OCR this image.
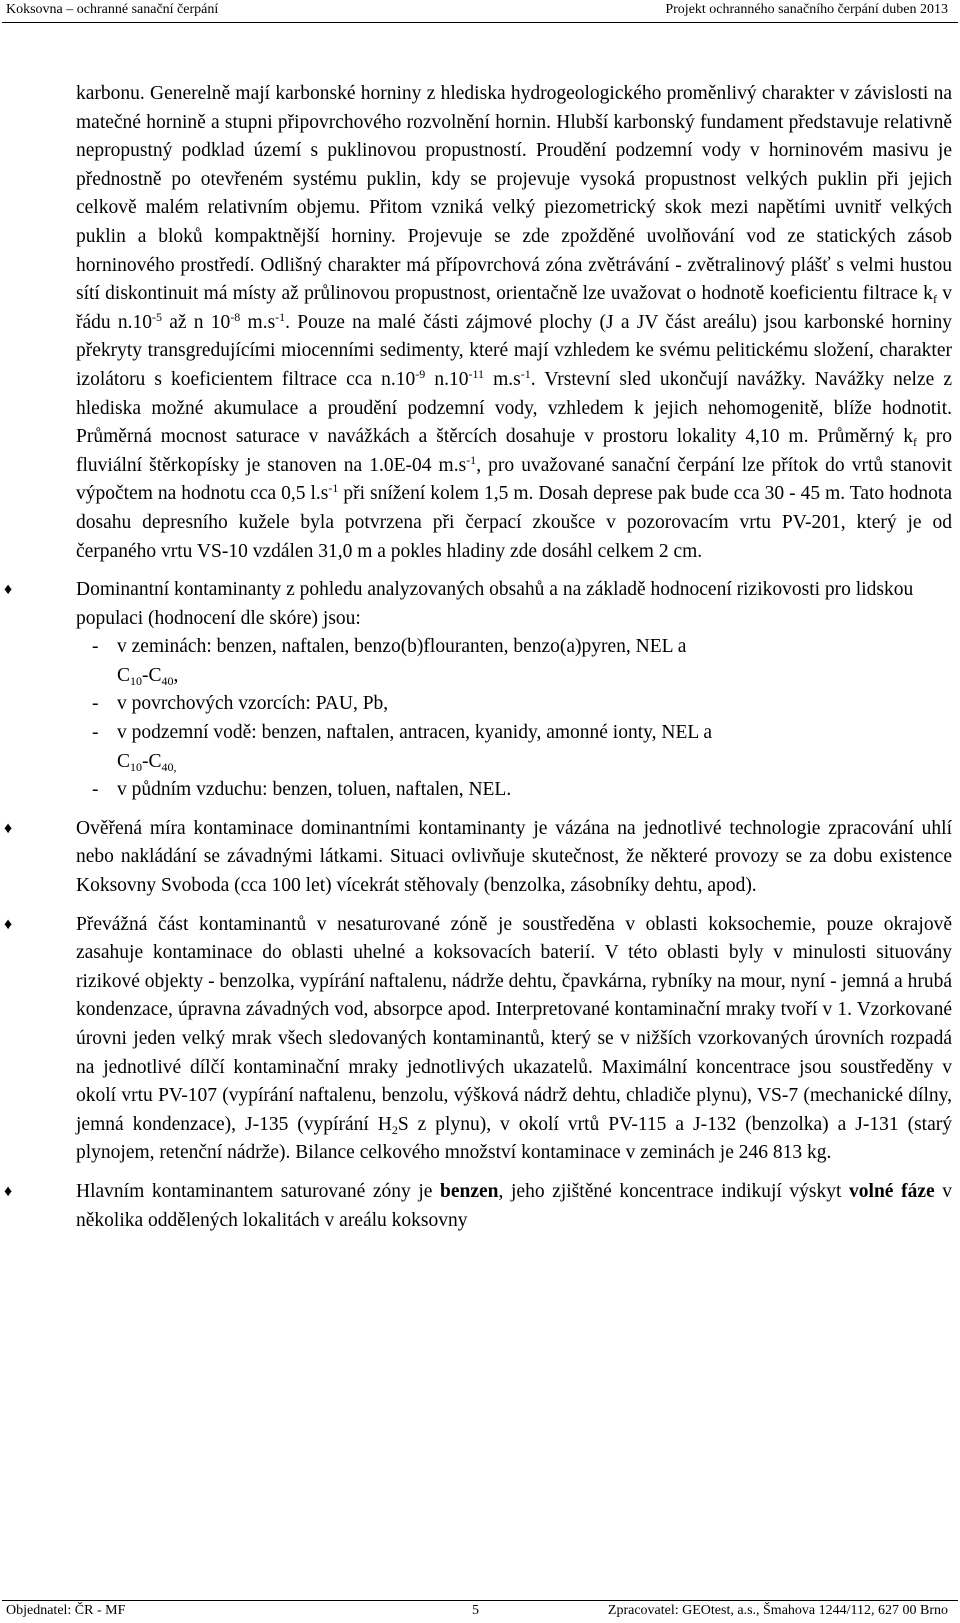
Koksovna – ochranné sanační čerpání	Projekt ochranného sanačního čerpání duben 2013

karbonu. Generelně mají karbonské horniny z hlediska hydrogeologického proměnlivý charakter v závislosti na matečné hornině a stupni připovrchového rozvolnění hornin. Hlubší karbonský fundament představuje relativně nepropustný podklad území s puklinovou propustností. Proudění podzemní vody v horninovém masivu je přednostně po otevřeném systému puklin, kdy se projevuje vysoká propustnost velkých puklin při jejich celkově malém relativním objemu. Přitom vzniká velký piezometrický skok mezi napětími uvnitř velkých puklin a bloků kompaktnější horniny. Projevuje se zde zpožděné uvolňování vod ze statických zásob horninového prostředí. Odlišný charakter má přípovrchová zóna zvětrávání - zvětralinový plášť s velmi hustou sítí diskontinuit má místy až průlinovou propustnost, orientačně lze uvažovat o hodnotě koeficientu filtrace $k_f$ v řádu $n.10^{-5}$ až n $10^{-8}$ $m.s^{-1}$. Pouze na malé části zájmové plochy (J a JV část areálu) jsou karbonské horniny překryty transgredujícími miocenními sedimenty, které mají vzhledem ke svému pelitickému složení, charakter izolátoru s koeficientem filtrace cca $n.10^{-9}$ $n.10^{-11}$ $m.s^{-1}$. Vrstevní sled ukončují navážky. Navážky nelze z hlediska možné akumulace a proudění podzemní vody, vzhledem k jejich nehomogenitě, blíže hodnotit. Průměrná mocnost saturace v navážkách a štěrcích dosahuje v prostoru lokality 4,10 m. Průměrný $k_f$ pro fluviální štěrkopísky je stanoven na 1.0E-04 $m.s^{-1}$, pro uvažované sanační čerpání lze přítok do vrtů stanovit výpočtem na hodnotu cca 0,5 $l.s^{-1}$ při snížení kolem 1,5 m. Dosah deprese pak bude cca 30 - 45 m. Tato hodnota dosahu depresního kužele byla potvrzena při čerpací zkoušce v pozorovacím vrtu PV-201, který je od čerpaného vrtu VS-10 vzdálen 31,0 m a pokles hladiny zde dosáhl celkem 2 cm.

♦	Dominantní kontaminanty z pohledu analyzovaných obsahů a na základě hodnocení rizikovosti pro lidskou populaci (hodnocení dle skóre) jsou:

- v zeminách: benzen, naftalen, benzo(b)flouranten, benzo(a)pyren, NEL a
$C_{10}-C_{40}$,
- v povrchových vzorcích: PAU, Pb,
- v podzemní vodě: benzen, naftalen, antracen, kyanidy, amonné ionty, NEL a
$C_{10}-C_{40,}$
- v půdním vzduchu: benzen, toluen, naftalen, NEL.
♦	Ověřená míra kontaminace dominantními kontaminanty je vázána na jednotlivé technologie zpracování uhlí nebo nakládání se závadnými látkami. Situaci ovlivňuje skutečnost, že některé provozy se za dobu existence Koksovny Svoboda (cca 100 let) vícekrát stěhovaly (benzolka, zásobníky dehtu, apod).

♦	Převážná část kontaminantů v nesaturované zóně je soustředěna v oblasti koksochemie, pouze okrajově zasahuje kontaminace do oblasti uhelné a koksovacích baterií. V této oblasti byly v minulosti situovány rizikové objekty - benzolka, vypírání naftalenu, nádrže dehtu, čpavkárna, rybníky na mour, nyní - jemná a hrubá kondenzace, úpravna závadných vod, absorpce apod. Interpretované kontaminační mraky tvoří v 1. Vzorkované úrovni jeden velký mrak všech sledovaných kontaminantů, který se v nižších vzorkovaných úrovních rozpadá na jednotlivé dílčí kontaminační mraky jednotlivých ukazatelů. Maximální koncentrace jsou soustředěny v okolí vrtu PV-107 (vypírání naftalenu, benzolu, výšková nádrž dehtu, chladiče plynu), VS-7 (mechanické dílny, jemná kondenzace), J-135 (vypírání $H_2S$ z plynu), v okolí vrtů PV-115 a J-132 (benzolka) a J-131 (starý plynojem, retenční nádrže). Bilance celkového množství kontaminace v zeminách je 246 813 kg.

♦	Hlavním kontaminantem saturované zóny je benzen, jeho zjištěné koncentrace indikují výskyt volné fáze v několika oddělených lokalitách v areálu koksovny

Objednatel: ČR - MF	5	Zpracovatel: GEOtest, a.s., Šmahova 1244/112, 627 00 Brno
